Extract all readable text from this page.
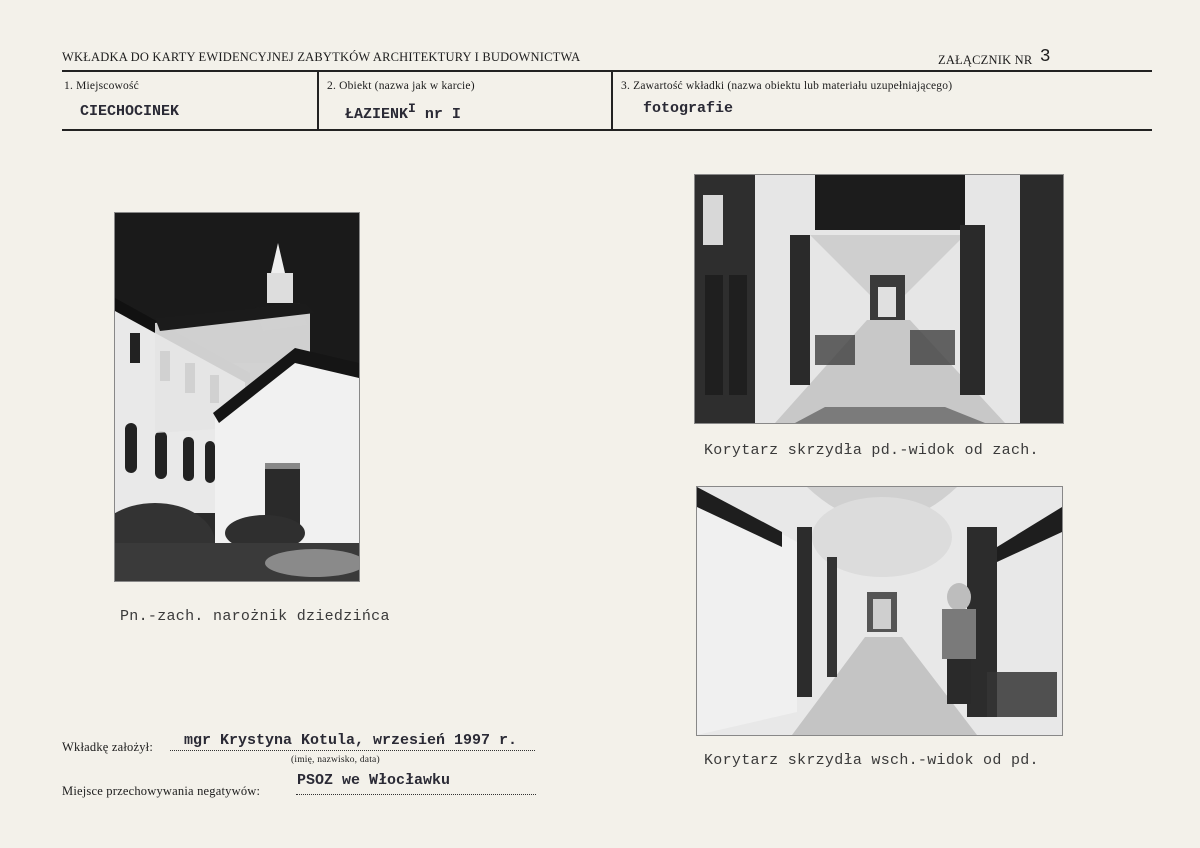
WKŁADKA DO KARTY EWIDENCYJNEJ ZABYTKÓW ARCHITEKTURY I BUDOWNICTWA	ZAŁĄCZNIK NR 3
1. Miejscowość
CIECHOCINEK
2. Obiekt (nazwa jak w karcie)
$ŁAZIENK^I$ nr I
3. Zawartość wkładki (nazwa obiektu lub materiału uzupełniającego)
fotografie
Pn.-zach. narożnik dziedzińca
Korytarz skrzydła pd.-widok od zach.
Korytarz skrzydła wsch.-widok od pd.
Wkładkę założył: mgr Krystyna Kotula, wrzesień 1997 r.
(imię, nazwisko, data)
Miejsce przechowywania negatywów:
PSOZ we Włocławku
